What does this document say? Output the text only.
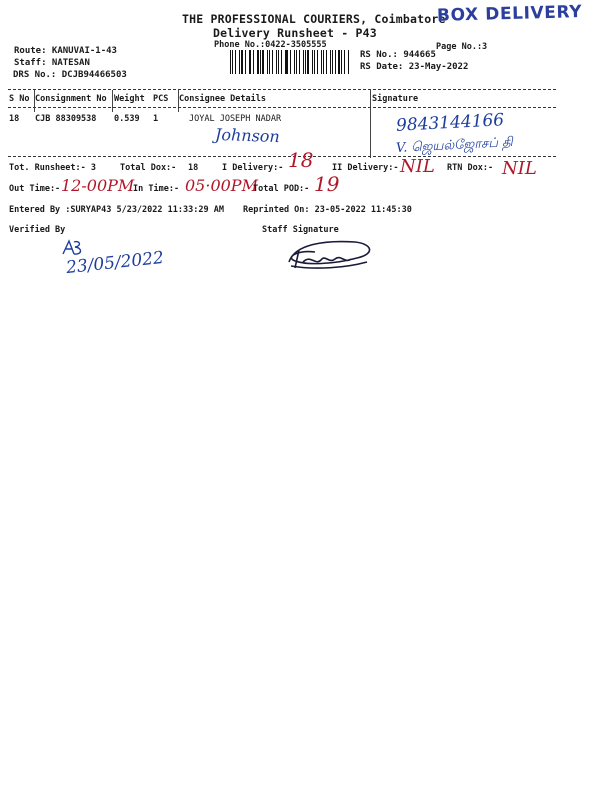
THE PROFESSIONAL COURIERS, Coimbatore
BOX DELIVERY
Delivery Runsheet - P43
Phone No.:0422-3505555	Page No.:3
Route: KANUVAI-1-43
Staff: NATESAN
DRS No.: DCJB94466503
RS No.: 944665
RS Date: 23-May-2022
S No Consignment No Weight PCS Consignee Details	Signature
18 CJB 88309538 0.539 1	JOYAL JOSEPH NADAR
Johnson	9843144166
V. ஜெயல்ஜோசப் தி
Tot. Runsheet:- 3	Total Dox:- 18	I Delivery:- 18 II Delivery:- NIL RTN Dox:- NIL
Out Time:- 12-00PM
In Time:- 05·00PM
Total POD:- 19
Entered By :SURYAP43 5/23/2022 11:33:29 AM Reprinted On: 23-05-2022 11:45:30
Verified By	Staff Signature
23/05/2022
